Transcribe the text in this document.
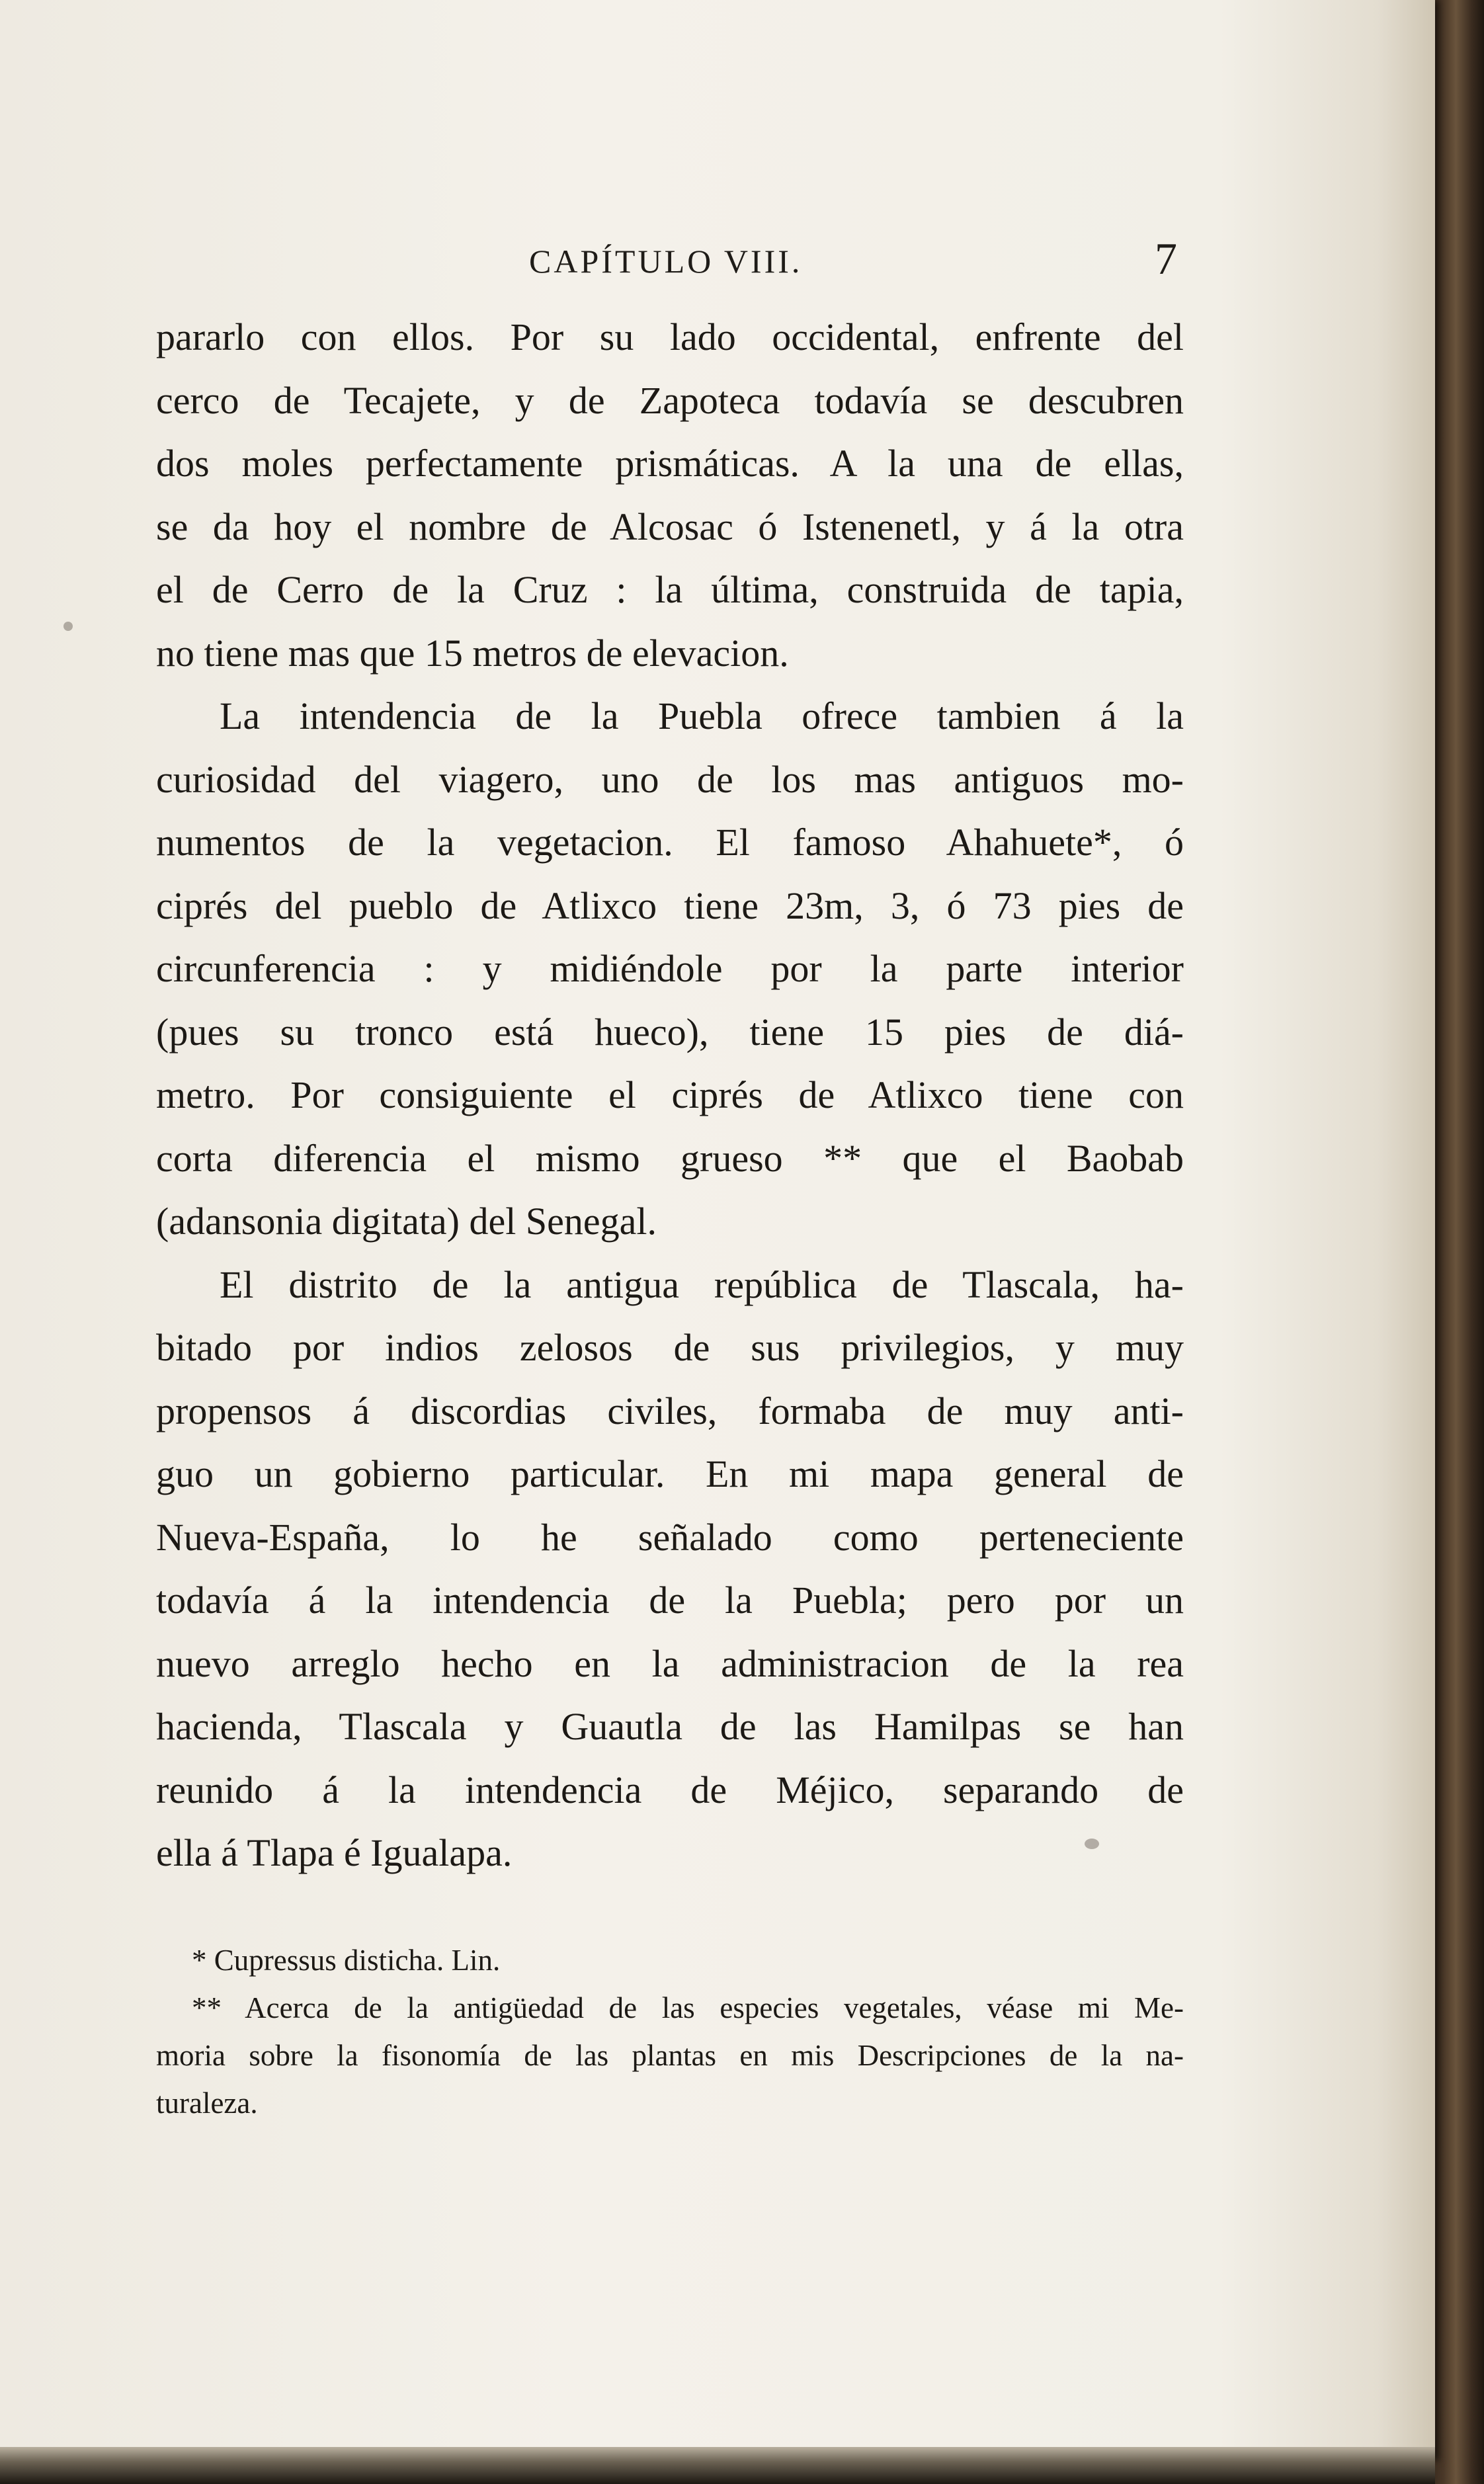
CAPÍTULO VIII.	7
pararlo con ellos. Por su lado occidental, enfrente del
cerco de Tecajete, y de Zapoteca todavía se descubren
dos moles perfectamente prismáticas. A la una de ellas,
se da hoy el nombre de Alcosac ó Istenenetl, y á la otra
el de Cerro de la Cruz : la última, construida de tapia,
no tiene mas que 15 metros de elevacion.
La intendencia de la Puebla ofrece tambien á la
curiosidad del viagero, uno de los mas antiguos mo-
numentos de la vegetacion. El famoso Ahahuete*, ó
ciprés del pueblo de Atlixco tiene 23m, 3, ó 73 pies de
circunferencia : y midiéndole por la parte interior
(pues su tronco está hueco), tiene 15 pies de diá-
metro. Por consiguiente el ciprés de Atlixco tiene con
corta diferencia el mismo grueso ** que el Baobab
(adansonia digitata) del Senegal.
El distrito de la antigua república de Tlascala, ha-
bitado por indios zelosos de sus privilegios, y muy
propensos á discordias civiles, formaba de muy anti-
guo un gobierno particular. En mi mapa general de
Nueva-España, lo he señalado como perteneciente
todavía á la intendencia de la Puebla; pero por un
nuevo arreglo hecho en la administracion de la rea
hacienda, Tlascala y Guautla de las Hamilpas se han
reunido á la intendencia de Méjico, separando de
ella á Tlapa é Igualapa.
* Cupressus disticha. Lin.
** Acerca de la antigüedad de las especies vegetales, véase mi Me-
moria sobre la fisonomía de las plantas en mis Descripciones de la na-
turaleza.
